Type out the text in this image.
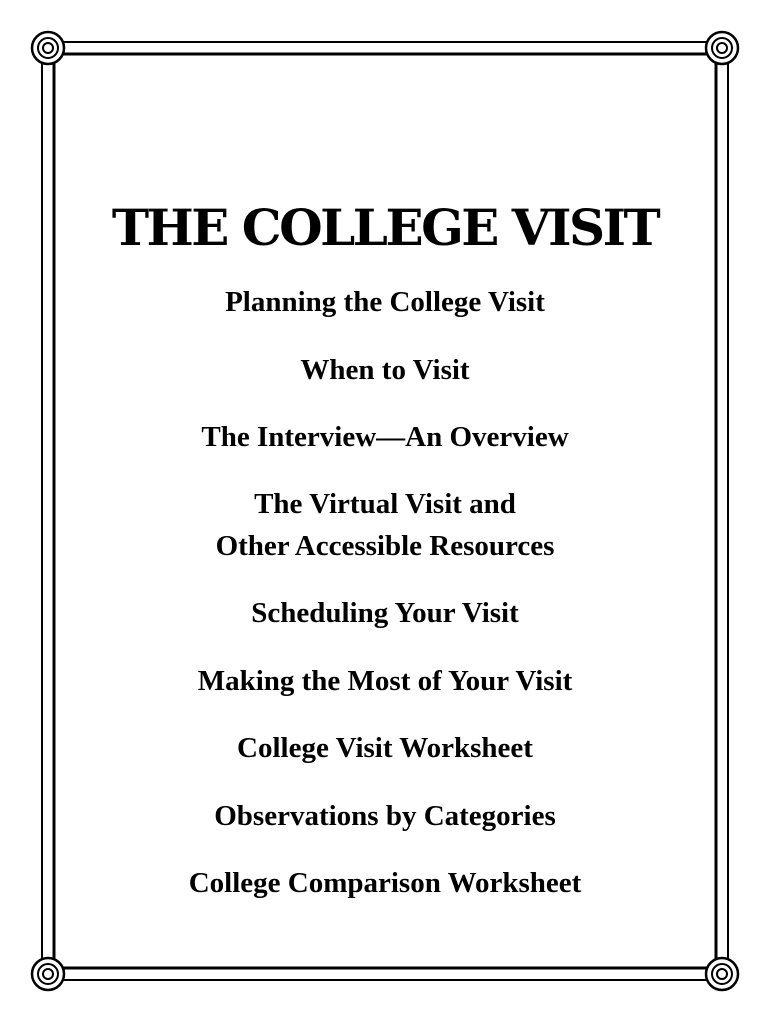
THE COLLEGE VISIT
Planning the College Visit
When to Visit
The Interview—An Overview
The Virtual Visit and
Other Accessible Resources
Scheduling Your Visit
Making the Most of Your Visit
College Visit Worksheet
Observations by Categories
College Comparison Worksheet
